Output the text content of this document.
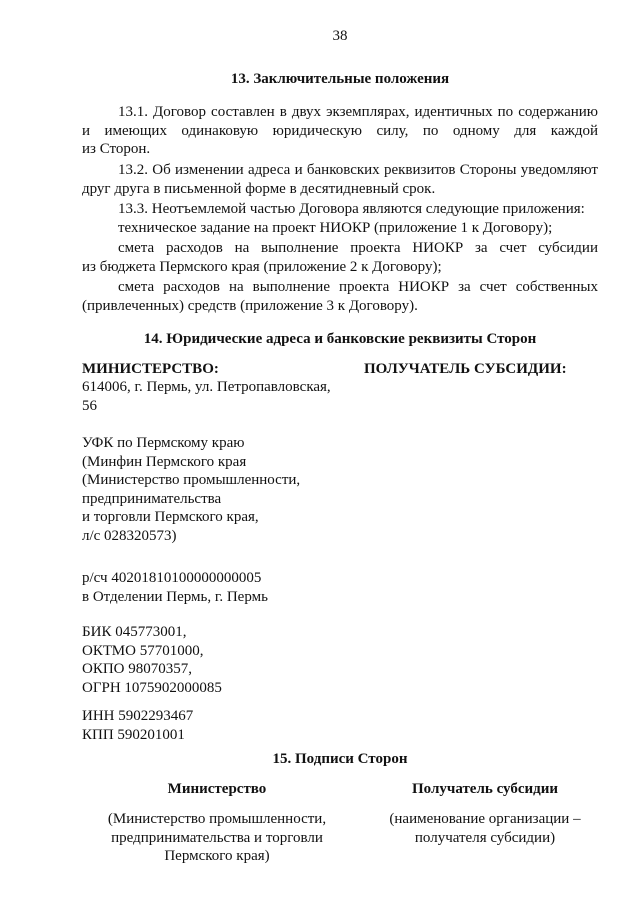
38
13. Заключительные положения
13.1. Договор составлен в двух экземплярах, идентичных по содержанию
и имеющих одинаковую юридическую силу, по одному для каждой
из Сторон.
13.2. Об изменении адреса и банковских реквизитов Стороны уведомляют
друг друга в письменной форме в десятидневный срок.
13.3. Неотъемлемой частью Договора являются следующие приложения:
техническое задание на проект НИОКР (приложение 1 к Договору);
смета расходов на выполнение проекта НИОКР за счет субсидии
из бюджета Пермского края (приложение 2 к Договору);
смета расходов на выполнение проекта НИОКР за счет собственных
(привлеченных) средств (приложение 3 к Договору).
14. Юридические адреса и банковские реквизиты Сторон
МИНИСТЕРСТВО:	ПОЛУЧАТЕЛЬ СУБСИДИИ:
614006, г. Пермь, ул. Петропавловская,
56
УФК по Пермскому краю
(Минфин Пермского края
(Министерство промышленности,
предпринимательства
и торговли Пермского края,
л/с 028320573)
р/сч 40201810100000000005
в Отделении Пермь, г. Пермь
БИК 045773001,
ОКТМО 57701000,
ОКПО 98070357,
ОГРН 1075902000085
ИНН 5902293467
КПП 590201001
15. Подписи Сторон
Министерство	Получатель субсидии
(Министерство промышленности,
предпринимательства и торговли
Пермского края)
(наименование организации –
получателя субсидии)
